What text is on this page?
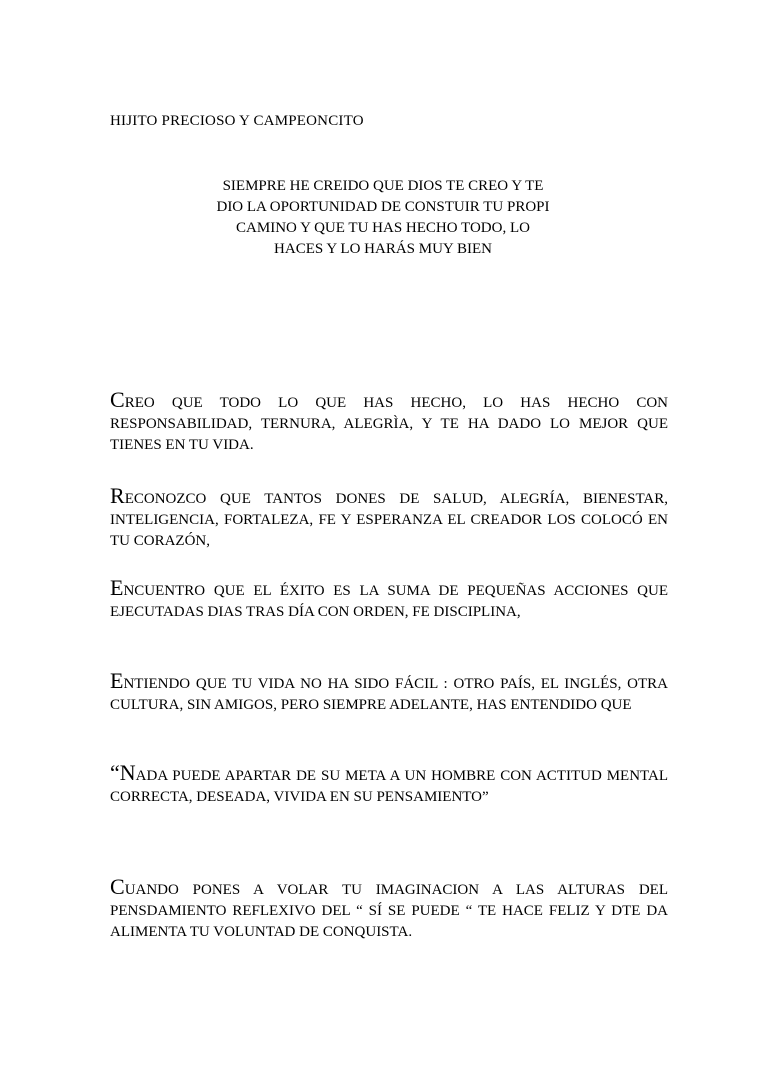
HIJITO PRECIOSO Y CAMPEONCITO
SIEMPRE HE CREIDO QUE DIOS TE CREO Y TE DIO LA OPORTUNIDAD DE CONSTUIR TU PROPI CAMINO Y QUE TU HAS HECHO TODO, LO HACES Y LO HARÁS MUY BIEN

CREO QUE TODO LO QUE HAS HECHO, LO HAS HECHO CON RESPONSABILIDAD, TERNURA, ALEGRÌA, Y TE HA DADO LO MEJOR QUE TIENES EN TU VIDA.

RECONOZCO QUE TANTOS DONES DE SALUD, ALEGRÍA, BIENESTAR, INTELIGENCIA, FORTALEZA, FE Y ESPERANZA EL CREADOR LOS COLOCÓ EN TU CORAZÓN,

ENCUENTRO QUE EL ÉXITO ES LA SUMA DE PEQUEÑAS ACCIONES QUE EJECUTADAS DIAS TRAS DÍA CON ORDEN, FE DISCIPLINA,

ENTIENDO QUE TU VIDA NO HA SIDO FÁCIL : OTRO PAÍS, EL INGLÉS, OTRA CULTURA, SIN AMIGOS, PERO SIEMPRE ADELANTE, HAS ENTENDIDO QUE

“NADA PUEDE APARTAR DE SU META A UN HOMBRE CON ACTITUD MENTAL CORRECTA, DESEADA, VIVIDA EN SU PENSAMIENTO”

CUANDO PONES A VOLAR TU IMAGINACION A LAS ALTURAS DEL PENSDAMIENTO REFLEXIVO DEL “ SÍ SE PUEDE “ TE HACE FELIZ Y DTE DA ALIMENTA TU VOLUNTAD DE CONQUISTA.
